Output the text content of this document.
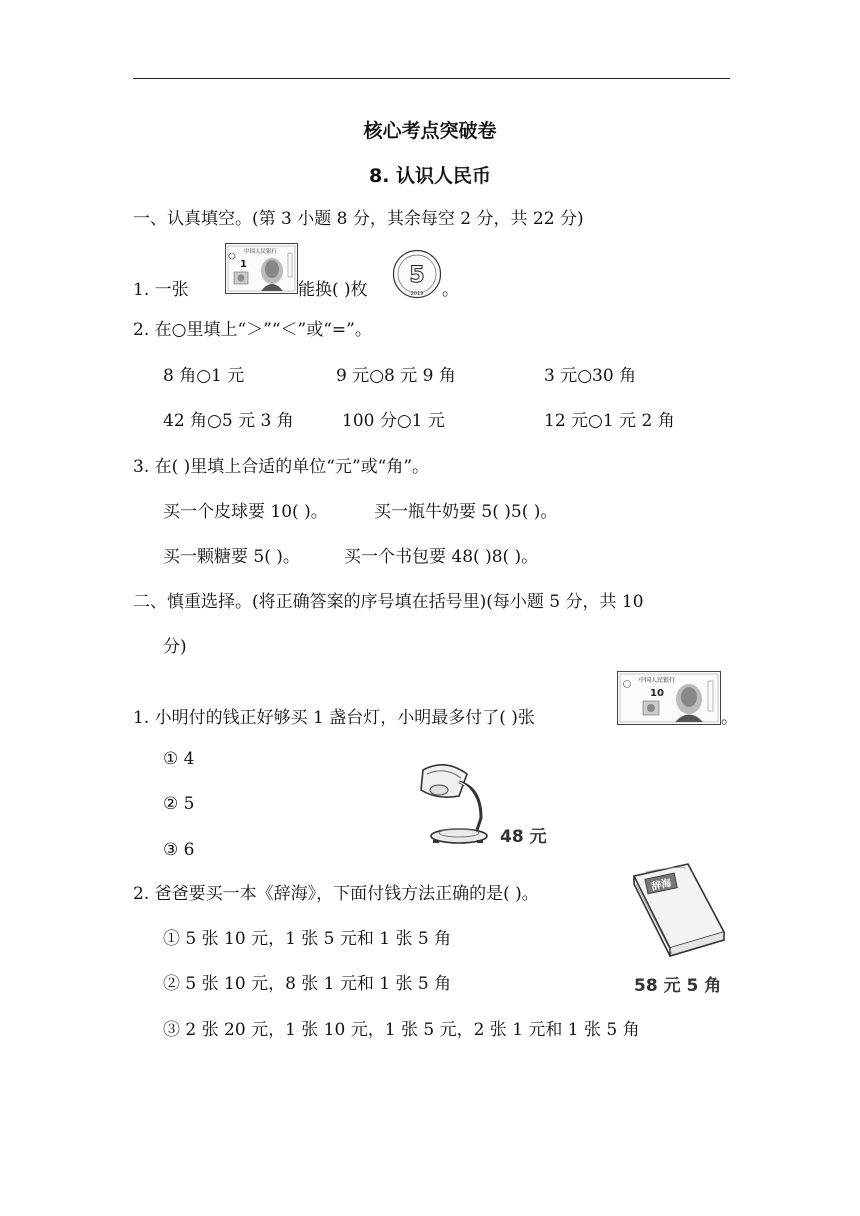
核心考点突破卷
8. 认识人民币
一、认真填空。(第 3 小题 8 分，其余每空 2 分，共 22 分)
1. 一张
中国人民银行
1
能换( )枚
5
2019 。
2. 在○里填上“＞”“＜”或“=”。
8 角○1 元	9 元○8 元 9 角	3 元○30 角
42 角○5 元 3 角	100 分○1 元	12 元○1 元 2 角
3. 在( )里填上合适的单位“元”或“角”。
买一个皮球要 10( )。	买一瓶牛奶要 5( )5( )。
买一颗糖要 5( )。	买一个书包要 48( )8( )。
二、慎重选择。(将正确答案的序号填在括号里)(每小题 5 分，共 10
分)
1. 小明付的钱正好够买 1 盏台灯，小明最多付了( )张
中国人民银行
10
。
① 4
② 5
③ 6
48 元
2. 爸爸要买一本《辞海》，下面付钱方法正确的是( )。	辞海
58 元 5 角
① 5 张 10 元，1 张 5 元和 1 张 5 角
② 5 张 10 元，8 张 1 元和 1 张 5 角
③ 2 张 20 元，1 张 10 元，1 张 5 元，2 张 1 元和 1 张 5 角
